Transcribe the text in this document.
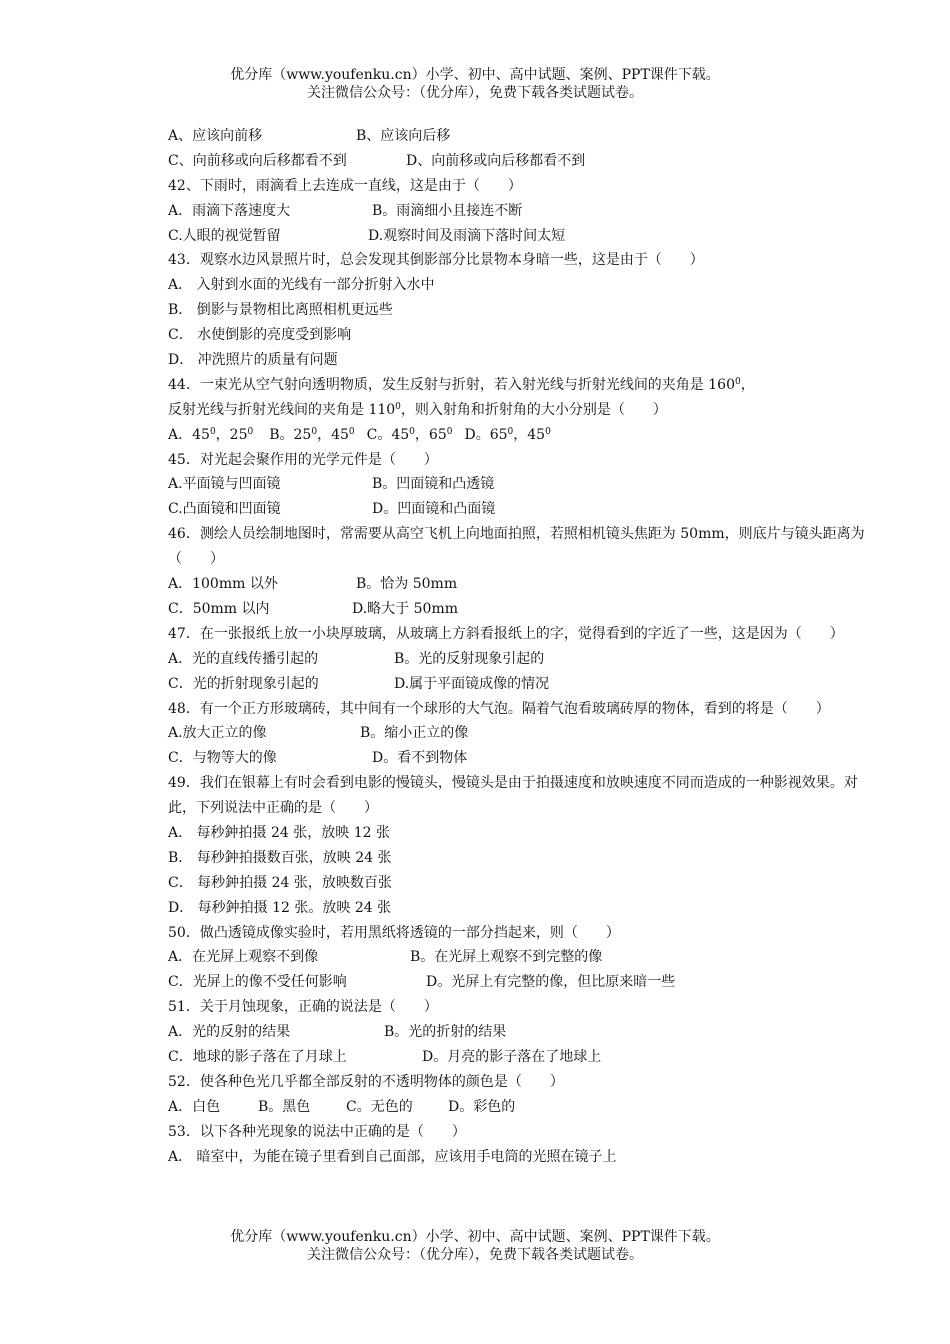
优分库（www.youfenku.cn）小学、初中、高中试题、案例、PPT课件下载。
关注微信公众号：（优分库），免费下载各类试题试卷。
A、应该向前移	B、应该向后移
C、向前移或向后移都看不到	D、向前移或向后移都看不到
42、下雨时，雨滴看上去连成一直线，这是由于（　　）
A．雨滴下落速度大	B。雨滴细小且接连不断
C.人眼的视觉暂留	D.观察时间及雨滴下落时间太短
43．观察水边风景照片时，总会发现其倒影部分比景物本身暗一些，这是由于（　　）
A． 入射到水面的光线有一部分折射入水中
B． 倒影与景物相比离照相机更远些
C． 水使倒影的亮度受到影响
D． 冲洗照片的质量有问题
44．一束光从空气射向透明物质，发生反射与折射，若入射光线与折射光线间的夹角是 $160^0$，
反射光线与折射光线间的夹角是 $110^0$，则入射角和折射角的大小分别是（　　）
A．$45^0$，$25^0$ B。$25^0$，$45^0$ C。$45^0$，$65^0$ D。$65^0$，$45^0$
45．对光起会聚作用的光学元件是（　　）
A.平面镜与凹面镜	B。凹面镜和凸透镜
C.凸面镜和凹面镜	D。凹面镜和凸面镜
46．测绘人员绘制地图时，常需要从高空飞机上向地面拍照，若照相机镜头焦距为 50mm，则底片与镜头距离为（　　）
A．100mm 以外	B。恰为 50mm
C．50mm 以内	D.略大于 50mm
47．在一张报纸上放一小块厚玻璃，从玻璃上方斜看报纸上的字，觉得看到的字近了一些，这是因为（　　）
A．光的直线传播引起的	B。光的反射现象引起的
C．光的折射现象引起的	D.属于平面镜成像的情况
48．有一个正方形玻璃砖，其中间有一个球形的大气泡。隔着气泡看玻璃砖厚的物体，看到的将是（　　）
A.放大正立的像	B。缩小正立的像
C．与物等大的像	D。看不到物体
49．我们在银幕上有时会看到电影的慢镜头，慢镜头是由于拍摄速度和放映速度不同而造成的一种影视效果。对此，下列说法中正确的是（　　）
A． 每秒鈡拍摄 24 张，放映 12 张
B． 每秒鈡拍摄数百张，放映 24 张
C． 每秒鈡拍摄 24 张，放映数百张
D． 每秒鈡拍摄 12 张。放映 24 张
50．做凸透镜成像实验时，若用黑纸将透镜的一部分挡起来，则（　　）
A．在光屏上观察不到像	B。在光屏上观察不到完整的像
C．光屏上的像不受任何影响	D。光屏上有完整的像，但比原来暗一些
51．关于月蚀现象，正确的说法是（　　）
A．光的反射的结果	B。光的折射的结果
C．地球的影子落在了月球上	D。月亮的影子落在了地球上
52．使各种色光几乎都全部反射的不透明物体的颜色是（　　）
A．白色	B。黑色	C。无色的	D。彩色的
53．以下各种光现象的说法中正确的是（　　）
A． 暗室中，为能在镜子里看到自己面部，应该用手电筒的光照在镜子上
优分库（www.youfenku.cn）小学、初中、高中试题、案例、PPT课件下载。
关注微信公众号：（优分库），免费下载各类试题试卷。
